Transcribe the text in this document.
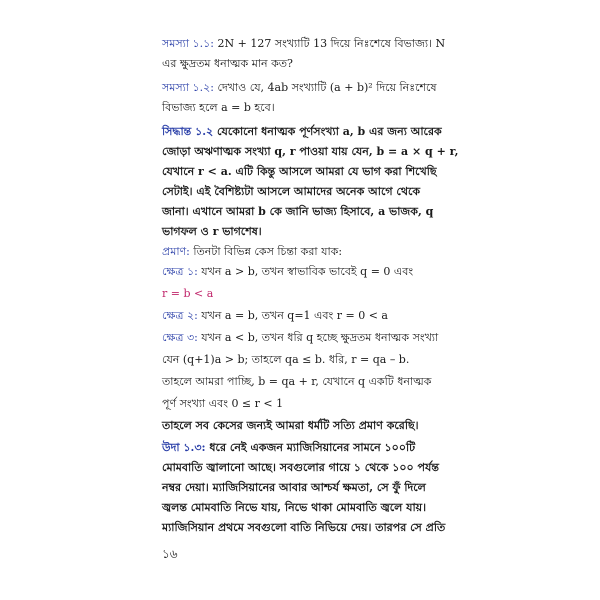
সমস্যা ১.১: 2N + 127 সংখ্যাটি 13 দিয়ে নিঃশেষে বিভাজ্য। N
এর ক্ষুদ্রতম ধনাত্মক মান কত?
সমস্যা ১.২: দেখাও যে, 4ab সংখ্যাটি (a + b)² দিয়ে নিঃশেষে
বিভাজ্য হলে a = b হবে।
সিদ্ধান্ত ১.২ যেকোনো ধনাত্মক পূর্ণসংখ্যা a, b এর জন্য আরেক
জোড়া অঋণাত্মক সংখ্যা q, r পাওয়া যায় যেন, b = a × q + r,
যেখানে r < a. এটি কিন্তু আসলে আমরা যে ভাগ করা শিখেছি
সেটাই। এই বৈশিষ্ট্যটা আসলে আমাদের অনেক আগে থেকে
জানা। এখানে আমরা b কে জানি ভাজ্য হিসাবে, a ভাজক, q
ভাগফল ও r ভাগশেষ।
প্রমাণ: তিনটা বিভিন্ন কেস চিন্তা করা যাক:
ক্ষেত্র ১: যখন a > b, তখন স্বাভাবিক ভাবেই q = 0 এবং
r = b < a
ক্ষেত্র ২: যখন a = b, তখন q=1 এবং r = 0 < a
ক্ষেত্র ৩: যখন a < b, তখন ধরি q হচ্ছে ক্ষুদ্রতম ধনাত্মক সংখ্যা
যেন (q+1)a > b; তাহলে qa ≤ b. ধরি, r = qa – b.
তাহলে আমরা পাচ্ছি, b = qa + r, যেখানে q একটি ধনাত্মক
পূর্ণ সংখ্যা এবং 0 ≤ r < 1
তাহলে সব কেসের জন্যই আমরা ধর্মটি সত্যি প্রমাণ করেছি।
উদা ১.৩: ধরে নেই একজন ম্যাজিসিয়ানের সামনে ১০০টি
মোমবাতি জ্বালানো আছে। সবগুলোর গায়ে ১ থেকে ১০০ পর্যন্ত
নম্বর দেয়া। ম্যাজিসিয়ানের আবার আশ্চর্য ক্ষমতা, সে ফুঁ দিলে
জ্বলন্ত মোমবাতি নিভে যায়, নিভে থাকা মোমবাতি জ্বলে যায়।
ম্যাজিসিয়ান প্রথমে সবগুলো বাতি নিভিয়ে দেয়। তারপর সে প্রতি
১৬
